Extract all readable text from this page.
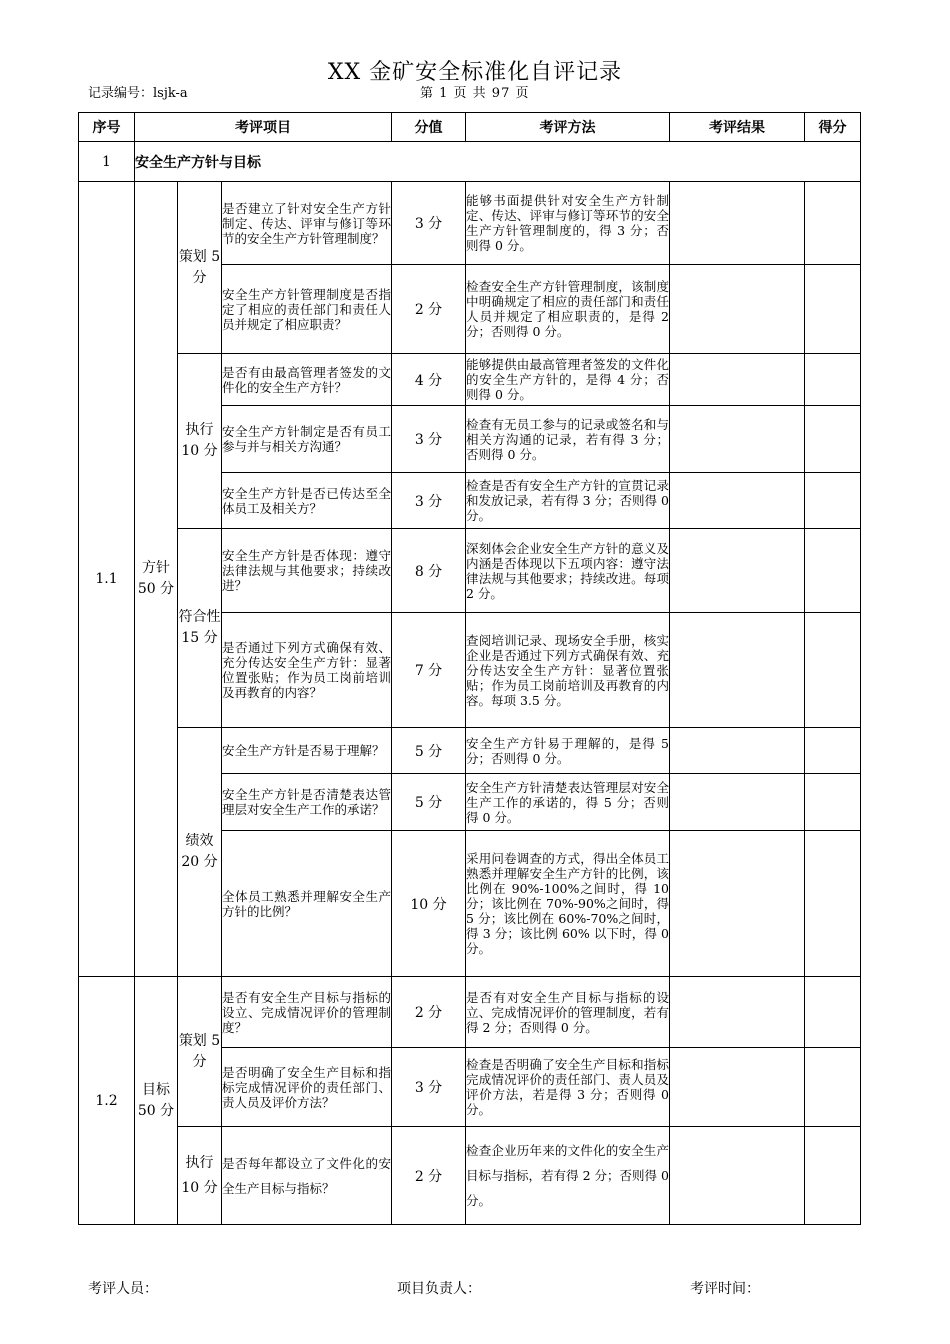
XX 金矿安全标准化自评记录
记录编号：lsjk-a	第 1 页 共 97 页
序号	考评项目			分值	考评方法	考评结果	得分
1	安全生产方针与目标						
1.1	方针 50 分	策划 5 分	是否建立了针对安全生产方针制定、传达、评审与修订等环节的安全生产方针管理制度？	3 分	能够书面提供针对安全生产方针制定、传达、评审与修订等环节的安全生产方针管理制度的，得 3 分；否则得 0 分。		
			安全生产方针管理制度是否指定了相应的责任部门和责任人员并规定了相应职责？	2 分	检查安全生产方针管理制度，该制度中明确规定了相应的责任部门和责任人员并规定了相应职责的，是得 2 分；否则得 0 分。		
		执行 10 分	是否有由最高管理者签发的文件化的安全生产方针？	4 分	能够提供由最高管理者签发的文件化的安全生产方针的，是得 4 分；否则得 0 分。		
			安全生产方针制定是否有员工参与并与相关方沟通？	3 分	检查有无员工参与的记录或签名和与相关方沟通的记录，若有得 3 分；否则得 0 分。		
			安全生产方针是否已传达至全体员工及相关方？	3 分	检查是否有安全生产方针的宣贯记录和发放记录，若有得 3 分；否则得 0 分。		
		符合性 15 分	安全生产方针是否体现：遵守法律法规与其他要求；持续改进？	8 分	深刻体会企业安全生产方针的意义及内涵是否体现以下五项内容：遵守法律法规与其他要求；持续改进。每项 2 分。		
			是否通过下列方式确保有效、充分传达安全生产方针：显著位置张贴；作为员工岗前培训及再教育的内容？	7 分	查阅培训记录、现场安全手册，核实企业是否通过下列方式确保有效、充分传达安全生产方针：显著位置张贴；作为员工岗前培训及再教育的内容。每项 3.5 分。		
		绩效 20 分	安全生产方针是否易于理解？	5 分	安全生产方针易于理解的，是得 5 分；否则得 0 分。		
			安全生产方针是否清楚表达管理层对安全生产工作的承诺？	5 分	安全生产方针清楚表达管理层对安全生产工作的承诺的，得 5 分；否则得 0 分。		
			全体员工熟悉并理解安全生产方针的比例？	10 分	采用问卷调查的方式，得出全体员工熟悉并理解安全生产方针的比例，该比例在 90%-100%之间时，得 10 分；该比例在 70%-90%之间时，得 5 分；该比例在 60%-70%之间时，得 3 分；该比例 60% 以下时，得 0 分。		
1.2	目标 50 分	策划 5 分	是否有安全生产目标与指标的设立、完成情况评价的管理制度？	2 分	是否有对安全生产目标与指标的设立、完成情况评价的管理制度，若有得 2 分；否则得 0 分。		
			是否明确了安全生产目标和指标完成情况评价的责任部门、责人员及评价方法？	3 分	检查是否明确了安全生产目标和指标完成情况评价的责任部门、责人员及评价方法，若是得 3 分；否则得 0 分。		
		执行 10 分	是否每年都设立了文件化的安全生产目标与指标？	2 分	检查企业历年来的文件化的安全生产目标与指标，若有得 2 分；否则得 0 分。		
考评人员：	项目负责人：	考评时间：
